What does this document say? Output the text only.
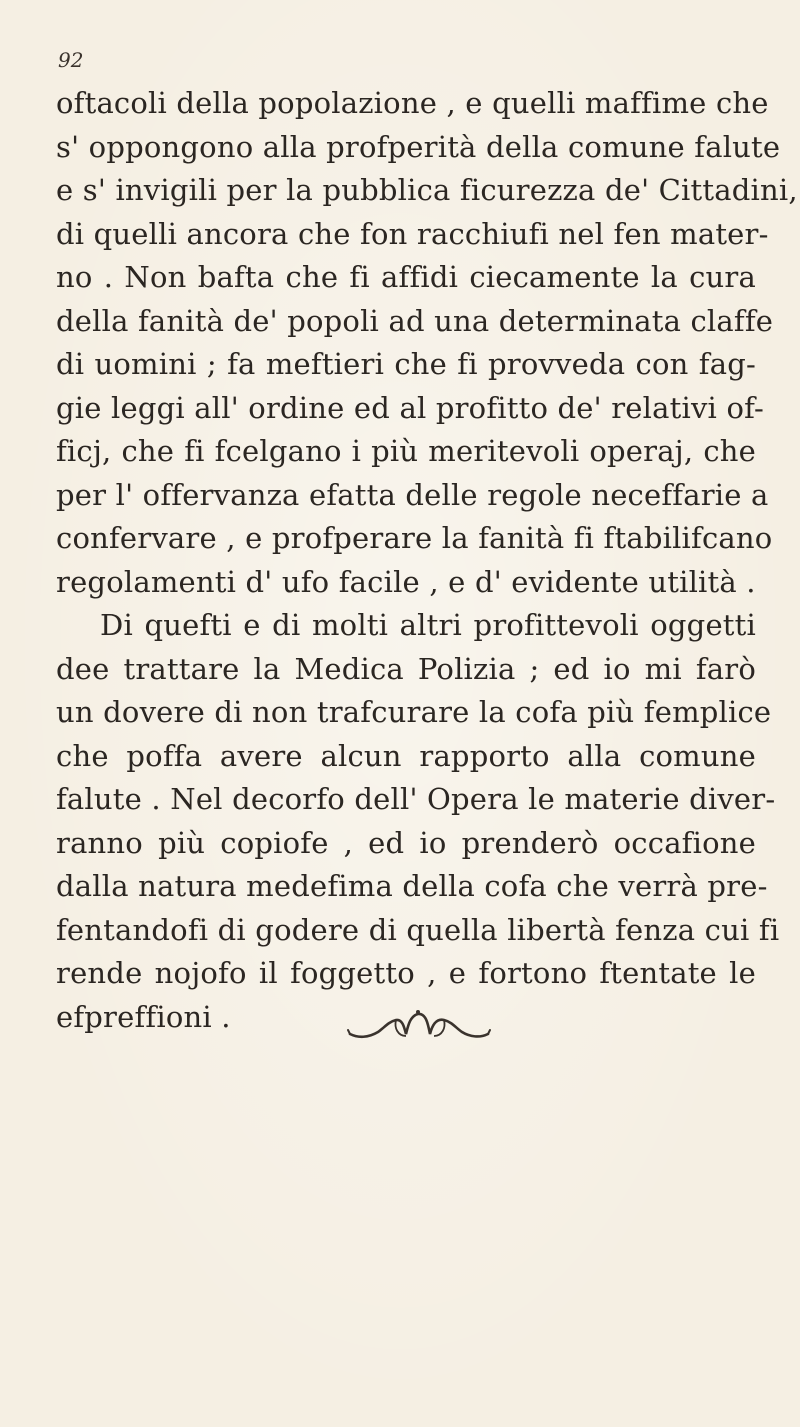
92
oftacoli della popolazione , e quelli maffime che
s' oppongono alla profperità della comune falute
e s' invigili per la pubblica ficurezza de' Cittadini,
di quelli ancora che fon racchiufi nel fen mater-
no . Non bafta che fi affidi ciecamente la cura
della fanità de' popoli ad una determinata claffe
di uomini ; fa meftieri che fi provveda con fag-
gie leggi all' ordine ed al profitto de' relativi of-
ficj, che fi fcelgano i più meritevoli operaj, che
per l' offervanza efatta delle regole neceffarie a
confervare , e profperare la fanità fi ftabilifcano
regolamenti d' ufo facile , e d' evidente utilità .
Di quefti e di molti altri profittevoli oggetti
dee trattare la Medica Polizia ; ed io mi farò
un dovere di non trafcurare la cofa più femplice
che poffa avere alcun rapporto alla comune
falute . Nel decorfo dell' Opera le materie diver-
ranno più copiofe , ed io prenderò occafione
dalla natura medefima della cofa che verrà pre-
fentandofi di godere di quella libertà fenza cui fi
rende nojofo il foggetto , e fortono ftentate le
efpreffioni .
